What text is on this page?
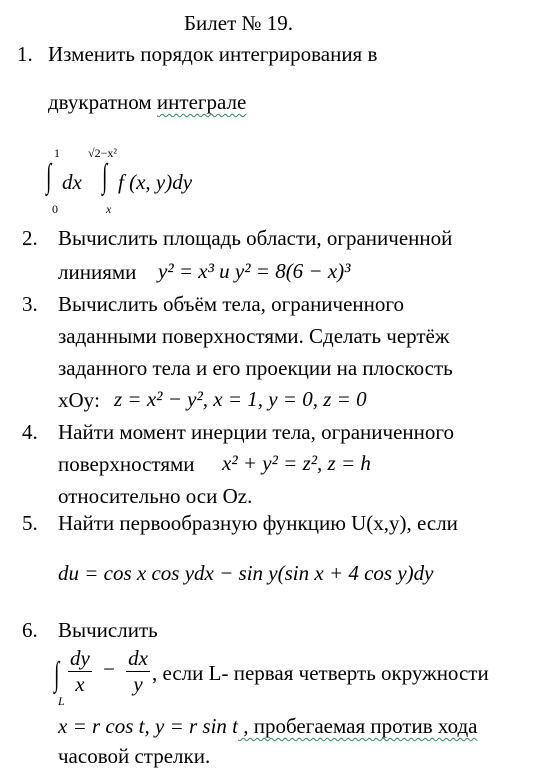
Билет № 19.
1. Изменить порядок интегрирования в
двукратном интеграле
1
∫
0
dx
√2−x²
∫
x
f (x, y)dy
2. Вычислить площадь области, ограниченной
линиями y² = x³ и y² = 8(6 − x)³
3. Вычислить объём тела, ограниченного
заданными поверхностями. Сделать чертёж
заданного тела и его проекции на плоскость
xOy: z = x² − y², x = 1, y = 0, z = 0
4. Найти момент инерции тела, ограниченного
поверхностями x² + y² = z², z = h
относительно оси Oz.
5. Найти первообразную функцию U(x,y), если
du = cos x cos ydx − sin y(sin x + 4 cos y)dy
6. Вычислить
∫
L
$\frac{dy}{x} - \frac{dx}{y}$ , если L- первая четверть окружности
x = r cos t, y = r sin t , пробегаемая против хода
часовой стрелки.
